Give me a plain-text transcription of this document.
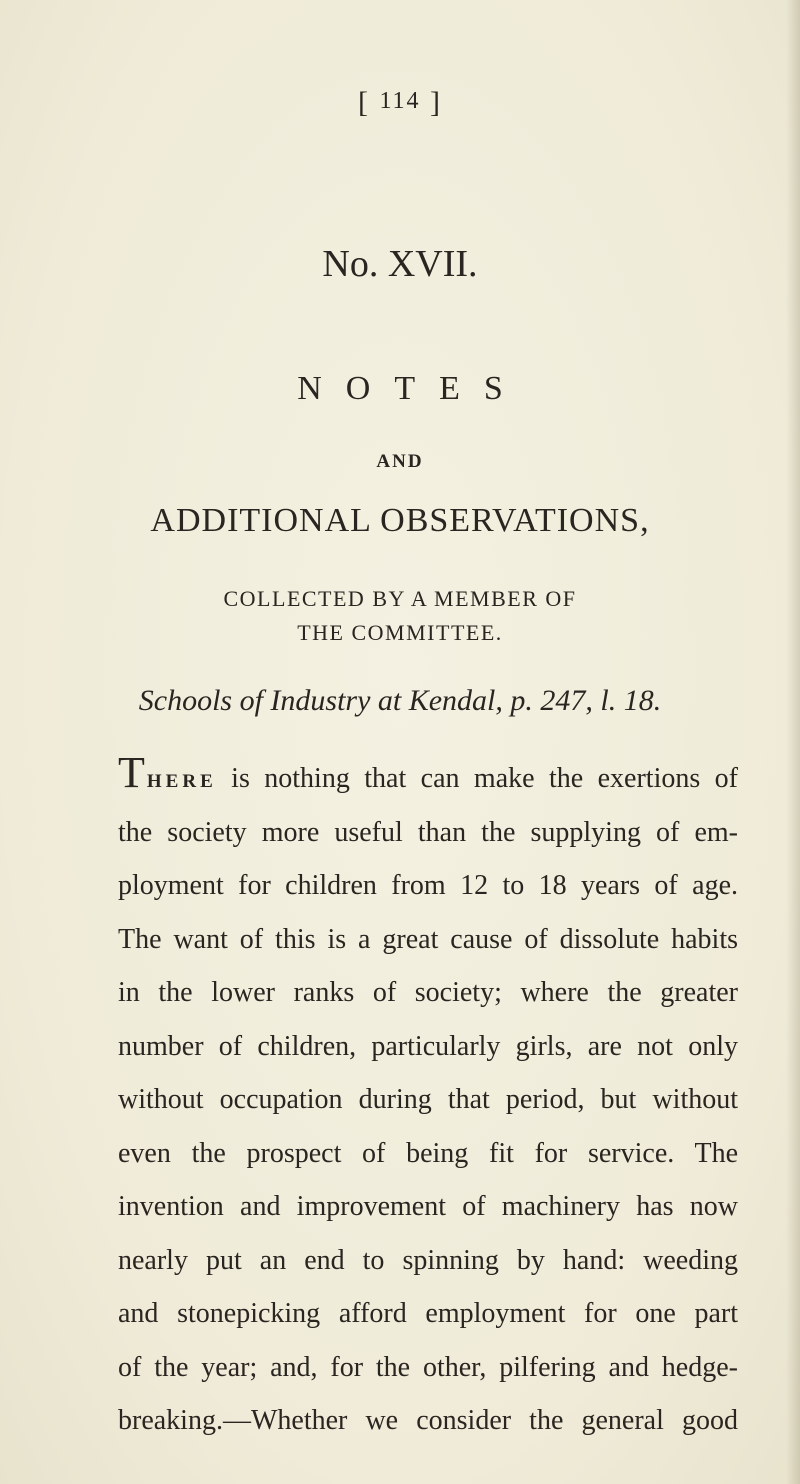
[ 114 ]
No. XVII.
NOTES
AND
ADDITIONAL OBSERVATIONS,
COLLECTED BY A MEMBER OF
THE COMMITTEE.
Schools of Industry at Kendal, p. 247, l. 18.
THERE is nothing that can make the exertions of
the society more useful than the supplying of em-
ployment for children from 12 to 18 years of age.
The want of this is a great cause of dissolute habits
in the lower ranks of society; where the greater
number of children, particularly girls, are not only
without occupation during that period, but without
even the prospect of being fit for service. The
invention and improvement of machinery has now
nearly put an end to spinning by hand: weeding
and stonepicking afford employment for one part
of the year; and, for the other, pilfering and hedge-
breaking.—Whether we consider the general good
